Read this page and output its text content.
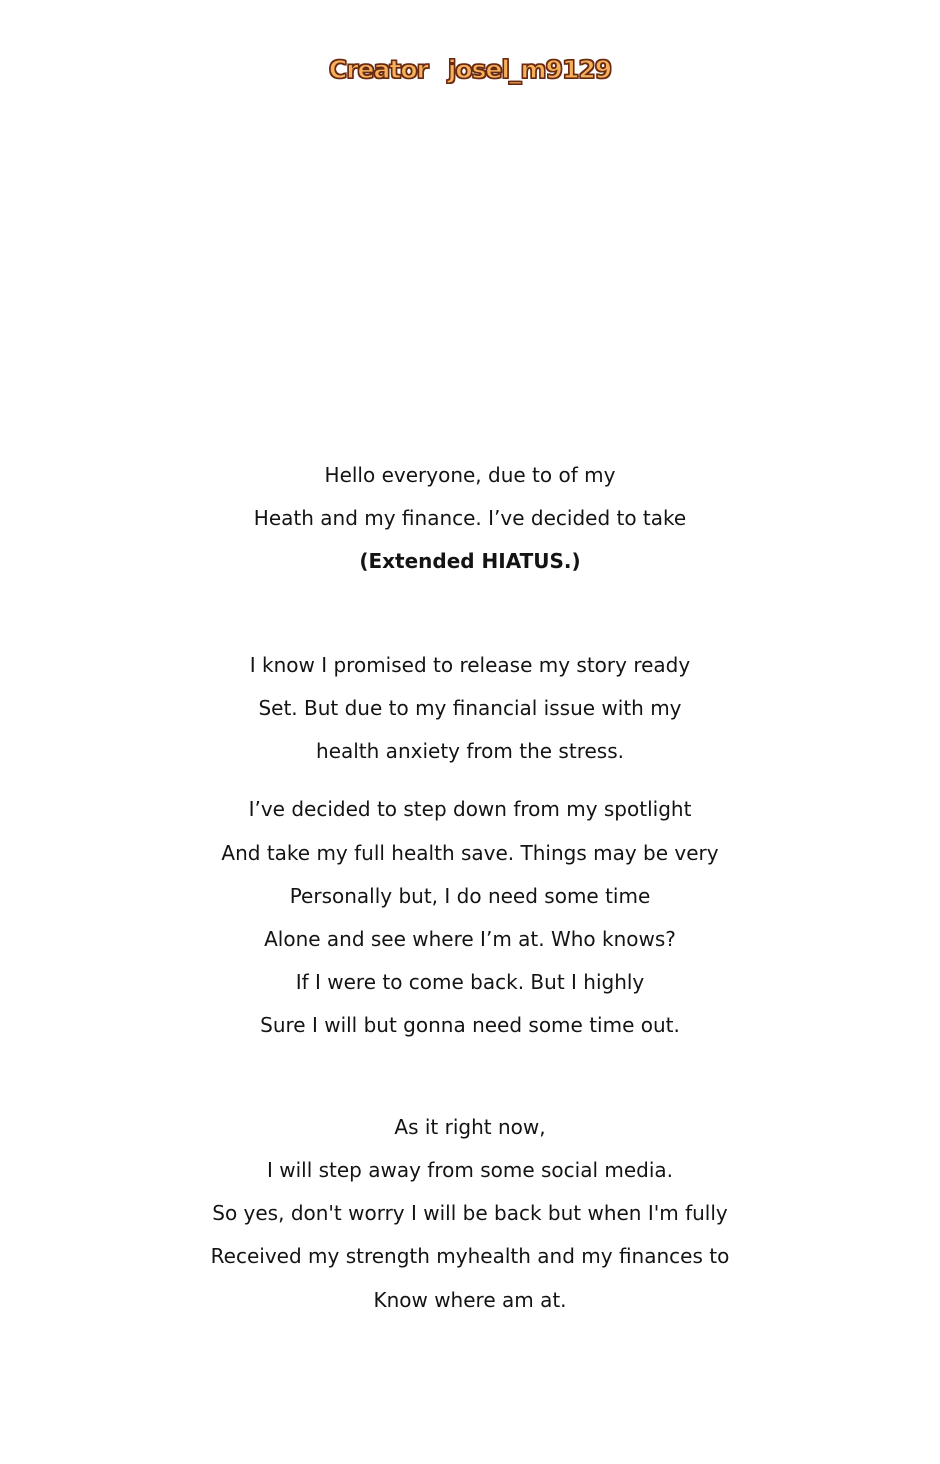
Creator josel_m9129
Hello everyone, due to of my
Heath and my finance. I’ve decided to take
(Extended HIATUS.)
I know I promised to release my story ready
Set. But due to my financial issue with my
health anxiety from the stress.
I’ve decided to step down from my spotlight
And take my full health save. Things may be very
Personally but, I do need some time
Alone and see where I’m at. Who knows?
If I were to come back. But I highly
Sure I will but gonna need some time out.
As it right now,
I will step away from some social media.
So yes, don't worry I will be back but when I'm fully
Received my strength myhealth and my finances to
Know where am at.
